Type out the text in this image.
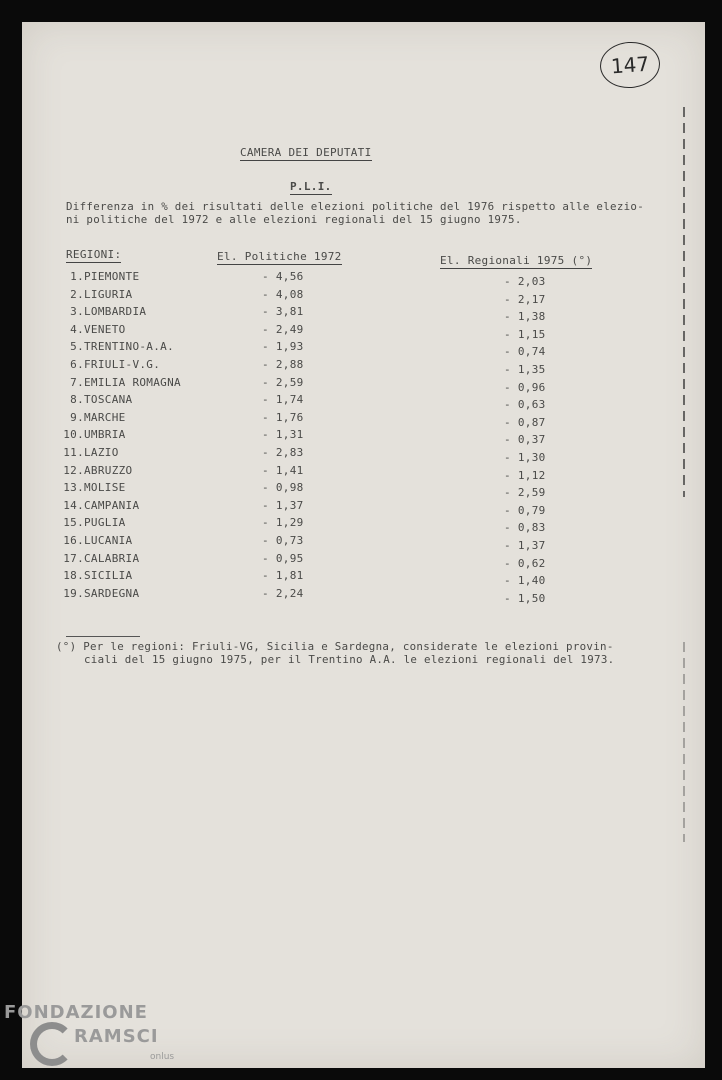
147
CAMERA DEI DEPUTATI
P.L.I.
Differenza in % dei risultati delle elezioni politiche del 1976 rispetto alle elezio-
ni politiche del 1972 e alle elezioni regionali del 15 giugno 1975.
REGIONI:	El. Politiche 1972	El. Regionali 1975 (°)
1. PIEMONTE	- 4,56	- 2,03
2. LIGURIA	- 4,08	- 2,17
3. LOMBARDIA	- 3,81	- 1,38
4. VENETO	- 2,49	- 1,15
5. TRENTINO-A.A.	- 1,93	- 0,74
6. FRIULI-V.G.	- 2,88	- 1,35
7. EMILIA ROMAGNA	- 2,59	- 0,96
8. TOSCANA	- 1,74	- 0,63
9. MARCHE	- 1,76	- 0,87
10. UMBRIA	- 1,31	- 0,37
11. LAZIO	- 2,83	- 1,30
12. ABRUZZO	- 1,41	- 1,12
13. MOLISE	- 0,98	- 2,59
14. CAMPANIA	- 1,37	- 0,79
15. PUGLIA	- 1,29	- 0,83
16. LUCANIA	- 0,73	- 1,37
17. CALABRIA	- 0,95	- 0,62
18. SICILIA	- 1,81	- 1,40
19. SARDEGNA	- 2,24	- 1,50
(°) Per le regioni: Friuli-VG, Sicilia e Sardegna, considerate le elezioni provin-
ciali del 15 giugno 1975, per il Trentino A.A. le elezioni regionali del 1973.
FONDAZIONE
RAMSCI
onlus
